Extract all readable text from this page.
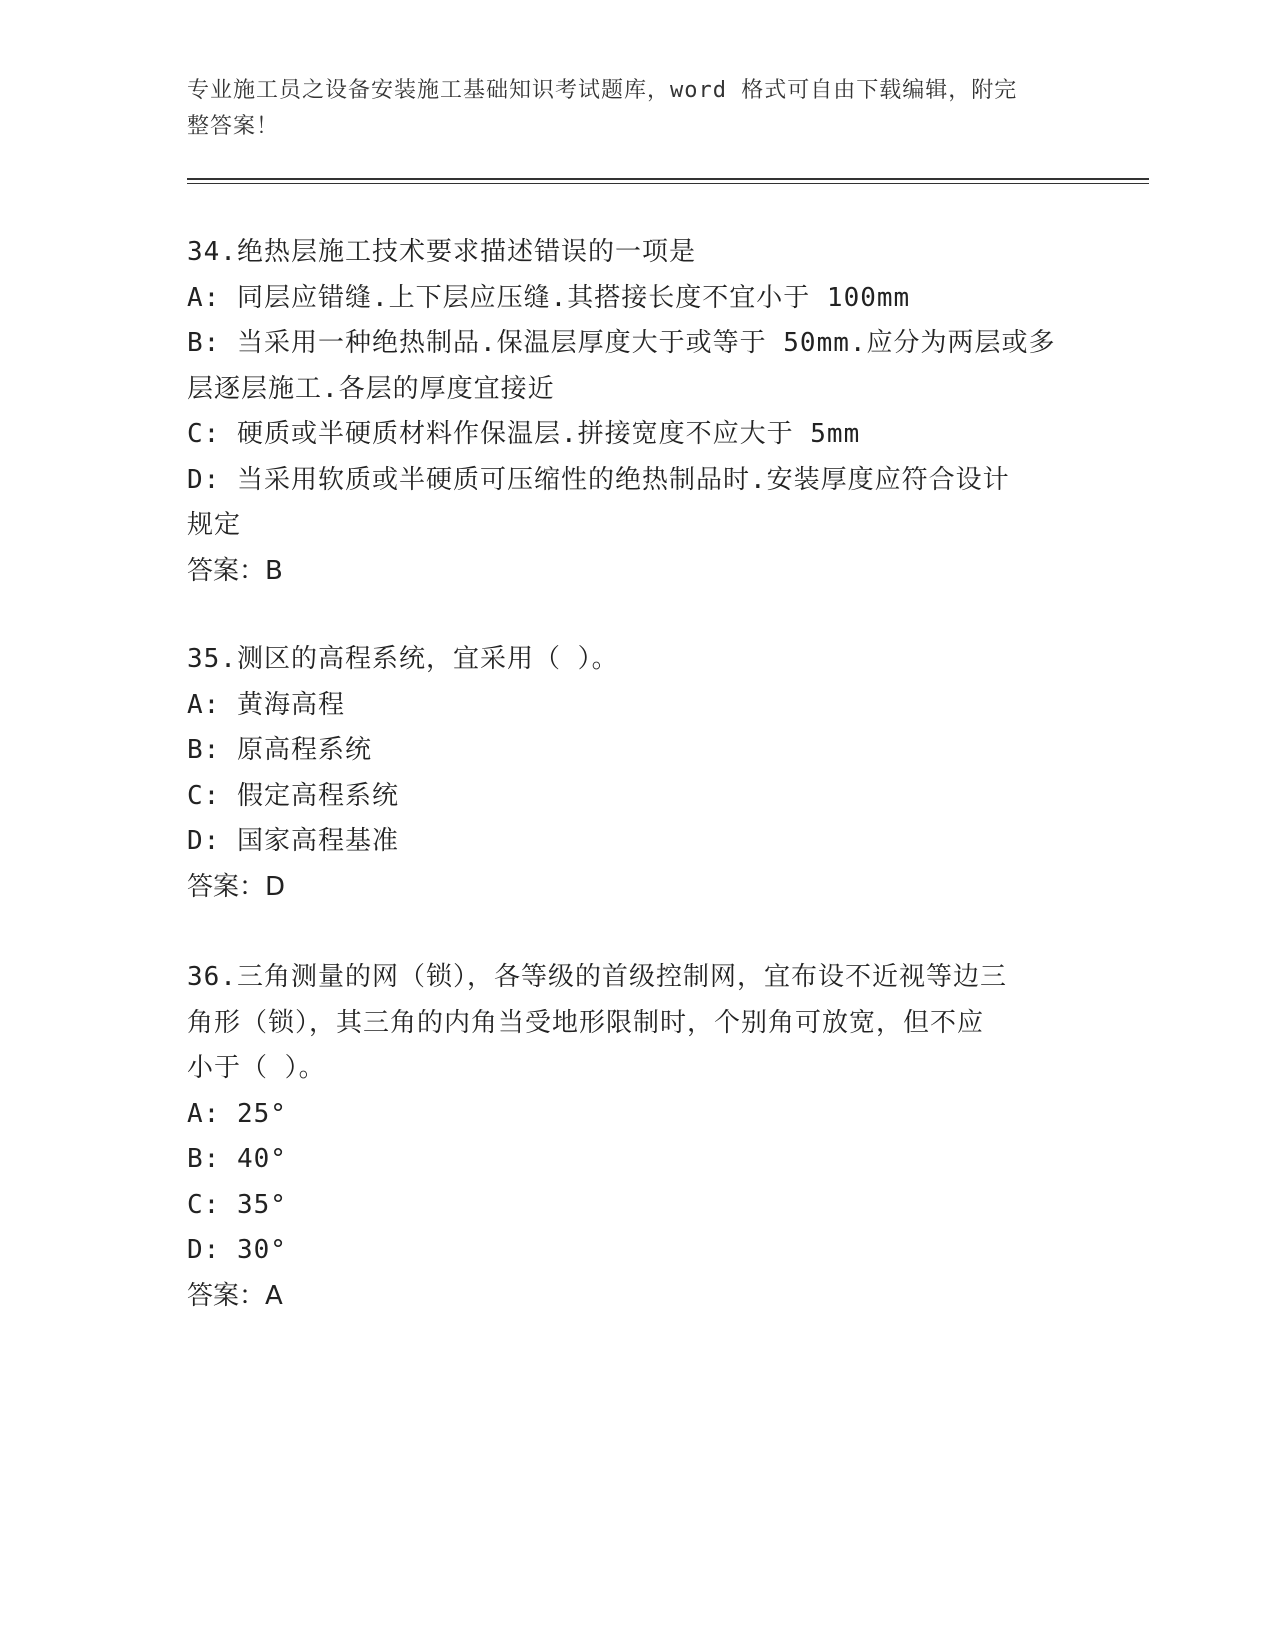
专业施工员之设备安装施工基础知识考试题库，word 格式可自由下载编辑，附完
整答案！
34.绝热层施工技术要求描述错误的一项是
A: 同层应错缝.上下层应压缝.其搭接长度不宜小于 100mm
B: 当采用一种绝热制品.保温层厚度大于或等于 50mm.应分为两层或多
层逐层施工.各层的厚度宜接近
C: 硬质或半硬质材料作保温层.拼接宽度不应大于 5mm
D: 当采用软质或半硬质可压缩性的绝热制品时.安装厚度应符合设计
规定
答案：B
35.测区的高程系统，宜采用（ ）。
A: 黄海高程
B: 原高程系统
C: 假定高程系统
D: 国家高程基准
答案：D
36.三角测量的网（锁），各等级的首级控制网，宜布设不近视等边三
角形（锁），其三角的内角当受地形限制时，个别角可放宽，但不应
小于（ ）。
A: 25°
B: 40°
C: 35°
D: 30°
答案：A
